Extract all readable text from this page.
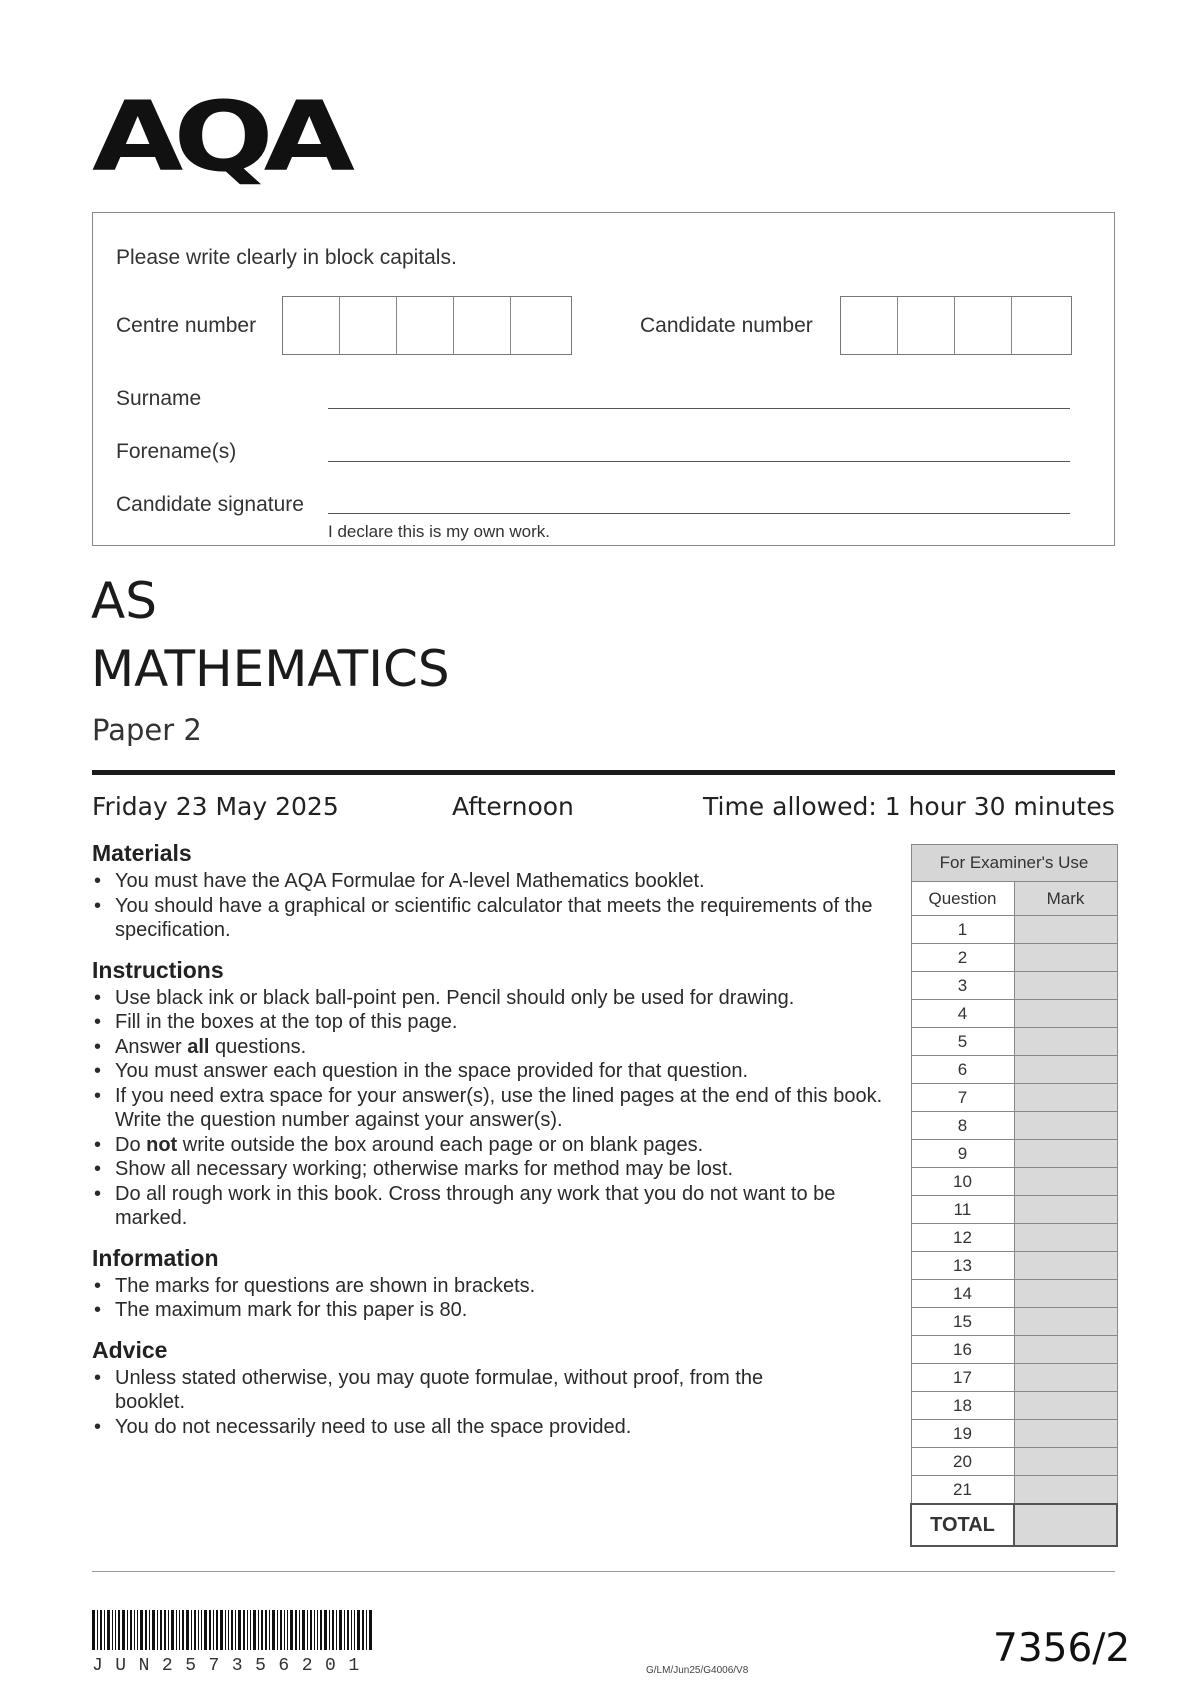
AQA
Please write clearly in block capitals.
Centre number	Candidate number
Surname
Forename(s)
Candidate signature
I declare this is my own work.
AS
MATHEMATICS
Paper 2
Friday 23 May 2025	Afternoon	Time allowed: 1 hour 30 minutes
Materials
• You must have the AQA Formulae for A-level Mathematics booklet.
• You should have a graphical or scientific calculator that meets the requirements of the specification.
Instructions
• Use black ink or black ball-point pen. Pencil should only be used for drawing.
• Fill in the boxes at the top of this page.
• Answer all questions.
• You must answer each question in the space provided for that question.
• If you need extra space for your answer(s), use the lined pages at the end of this book. Write the question number against your answer(s).
• Do not write outside the box around each page or on blank pages.
• Show all necessary working; otherwise marks for method may be lost.
• Do all rough work in this book. Cross through any work that you do not want to be marked.
Information
• The marks for questions are shown in brackets.
• The maximum mark for this paper is 80.
Advice
• Unless stated otherwise, you may quote formulae, without proof, from the booklet.
• You do not necessarily need to use all the space provided.
For Examiner's Use	
Question	Mark
1	
2	
3	
4	
5	
6	
7	
8	
9	
10	
11	
12	
13	
14	
15	
16	
17	
18	
19	
20	
21	
TOTAL	
JUN257356201	G/LM/Jun25/G4006/V8	7356/2
